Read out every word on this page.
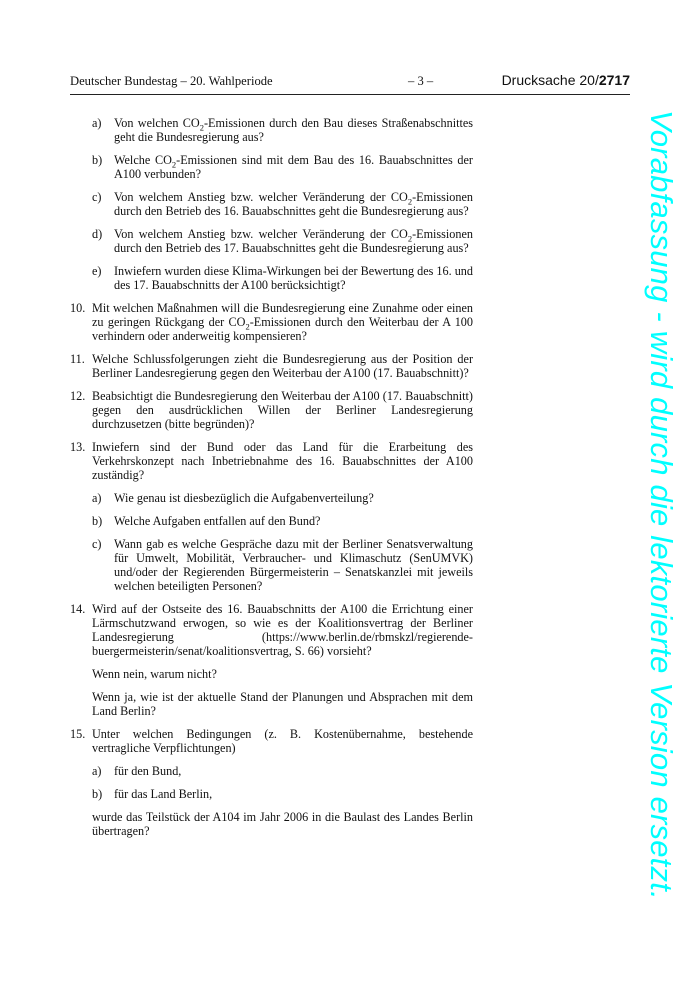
Deutscher Bundestag – 20. Wahlperiode	– 3 –	Drucksache 20/2717
a) Von welchen $CO_2$-Emissionen durch den Bau dieses Straßenabschnittes geht die Bundesregierung aus?
b) Welche $CO_2$-Emissionen sind mit dem Bau des 16. Bauabschnittes der A100 verbunden?
c) Von welchem Anstieg bzw. welcher Veränderung der $CO_2$-Emissionen durch den Betrieb des 16. Bauabschnittes geht die Bundesregierung aus?
d) Von welchem Anstieg bzw. welcher Veränderung der $CO_2$-Emissionen durch den Betrieb des 17. Bauabschnittes geht die Bundesregierung aus?
e) Inwiefern wurden diese Klima-Wirkungen bei der Bewertung des 16. und des 17. Bauabschnitts der A100 berücksichtigt?
10. Mit welchen Maßnahmen will die Bundesregierung eine Zunahme oder einen zu geringen Rückgang der $CO_2$-Emissionen durch den Weiterbau der A 100 verhindern oder anderweitig kompensieren?
11. Welche Schlussfolgerungen zieht die Bundesregierung aus der Position der Berliner Landesregierung gegen den Weiterbau der A100 (17. Bauabschnitt)?
12. Beabsichtigt die Bundesregierung den Weiterbau der A100 (17. Bauabschnitt) gegen den ausdrücklichen Willen der Berliner Landesregierung durchzusetzen (bitte begründen)?
13. Inwiefern sind der Bund oder das Land für die Erarbeitung des Verkehrskonzept nach Inbetriebnahme des 16. Bauabschnittes der A100 zuständig?
a) Wie genau ist diesbezüglich die Aufgabenverteilung?
b) Welche Aufgaben entfallen auf den Bund?
c) Wann gab es welche Gespräche dazu mit der Berliner Senatsverwaltung für Umwelt, Mobilität, Verbraucher- und Klimaschutz (SenUMVK) und/oder der Regierenden Bürgermeisterin – Senatskanzlei mit jeweils welchen beteiligten Personen?
14. Wird auf der Ostseite des 16. Bauabschnitts der A100 die Errichtung einer Lärmschutzwand erwogen, so wie es der Koalitionsvertrag der Berliner Landesregierung (https://www.berlin.de/rbmskzl/regierende-buergermeisterin/senat/koalitionsvertrag, S. 66) vorsieht?
Wenn nein, warum nicht?
Wenn ja, wie ist der aktuelle Stand der Planungen und Absprachen mit dem Land Berlin?
15. Unter welchen Bedingungen (z. B. Kostenübernahme, bestehende vertragliche Verpflichtungen)
a) für den Bund,
b) für das Land Berlin,
wurde das Teilstück der A104 im Jahr 2006 in die Baulast des Landes Berlin übertragen?	Vorabfassung - wird durch die lektorierte Version ersetzt.
